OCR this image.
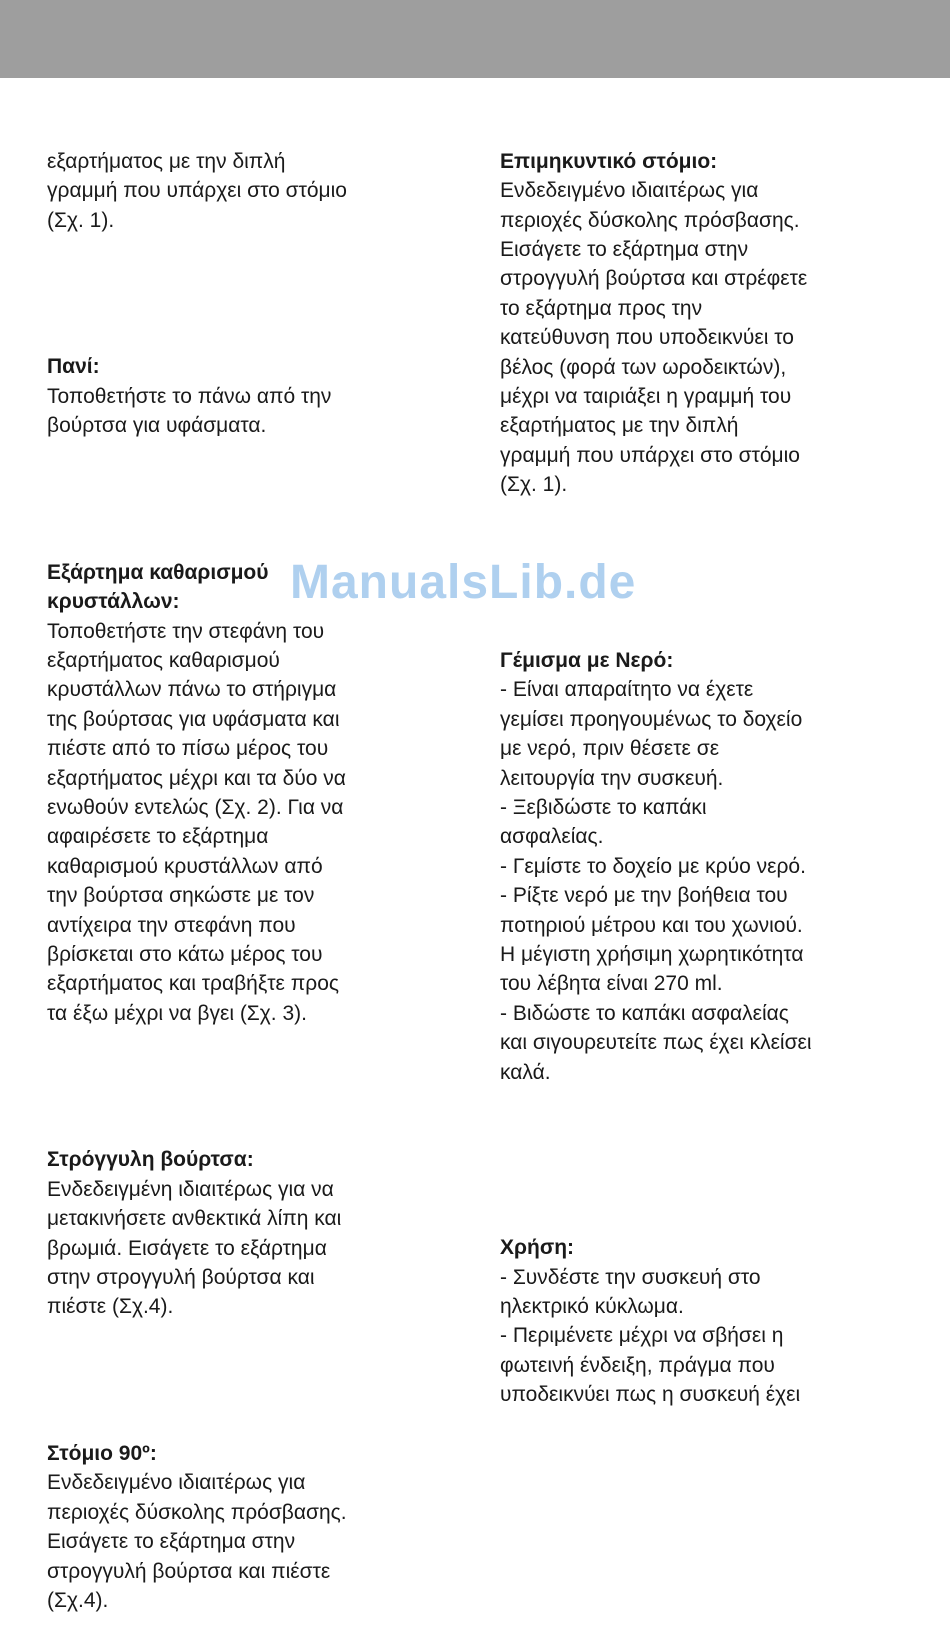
εξαρτήματος με την διπλή
γραμμή που υπάρχει στο στόμιο
(Σχ. 1).

Πανί:
Τοποθετήστε το πάνω από την
βούρτσα για υφάσματα.

Εξάρτημα καθαρισμού
κρυστάλλων:
Τοποθετήστε την στεφάνη του
εξαρτήματος καθαρισμού
κρυστάλλων πάνω το στήριγμα
της βούρτσας για υφάσματα και
πιέστε από το πίσω μέρος του
εξαρτήματος μέχρι και τα δύο να
ενωθούν εντελώς (Σχ. 2). Για να
αφαιρέσετε το εξάρτημα
καθαρισμού κρυστάλλων από
την βούρτσα σηκώστε με τον
αντίχειρα την στεφάνη που
βρίσκεται στο κάτω μέρος του
εξαρτήματος και τραβήξτε προς
τα έξω μέχρι να βγει (Σχ. 3).

Στρόγγυλη βούρτσα:
Ενδεδειγμένη ιδιαιτέρως για να
μετακινήσετε ανθεκτικά λίπη και
βρωμιά. Εισάγετε το εξάρτημα
στην στρογγυλή βούρτσα και
πιέστε (Σχ.4).

Στόμιο 90º:
Ενδεδειγμένο ιδιαιτέρως για
περιοχές δύσκολης πρόσβασης.
Εισάγετε το εξάρτημα στην
στρογγυλή βούρτσα και πιέστε
(Σχ.4).

Επιμηκυντικό στόμιο:
Ενδεδειγμένο ιδιαιτέρως για
περιοχές δύσκολης πρόσβασης.
Εισάγετε το εξάρτημα στην
στρογγυλή βούρτσα και στρέφετε
το εξάρτημα προς την
κατεύθυνση που υποδεικνύει το
βέλος (φορά των ωροδεικτών),
μέχρι να ταιριάξει η γραμμή του
εξαρτήματος με την διπλή
γραμμή που υπάρχει στο στόμιο
(Σχ. 1).

Γέμισμα με Νερό:
- Είναι απαραίτητο να έχετε
γεμίσει προηγουμένως το δοχείο
με νερό, πριν θέσετε σε
λειτουργία την συσκευή.
- Ξεβιδώστε το καπάκι
ασφαλείας.
- Γεμίστε το δοχείο με κρύο νερό.
- Ρίξτε νερό με την βοήθεια του
ποτηριού μέτρου και του χωνιού.
Η μέγιστη χρήσιμη χωρητικότητα
του λέβητα είναι 270 ml.
- Βιδώστε το καπάκι ασφαλείας
και σιγουρευτείτε πως έχει κλείσει
καλά.

Χρήση:
- Συνδέστε την συσκευή στο
ηλεκτρικό κύκλωμα.
- Περιμένετε μέχρι να σβήσει η
φωτεινή ένδειξη, πράγμα που
υποδεικνύει πως η συσκευή έχει

ManualsLib.de
